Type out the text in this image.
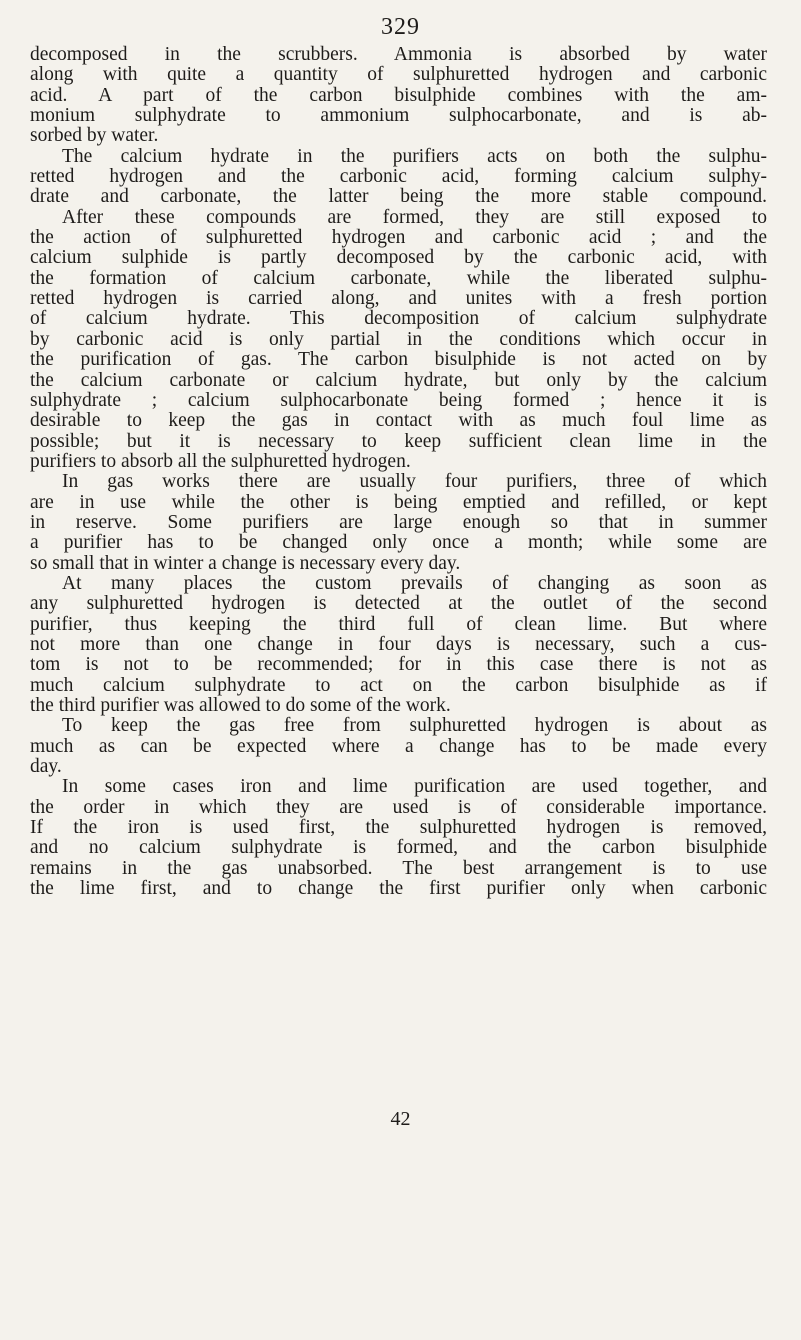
329
decomposed in the scrubbers. Ammonia is absorbed by water
along with quite a quantity of sulphuretted hydrogen and carbonic
acid. A part of the carbon bisulphide combines with the am-
monium sulphydrate to ammonium sulphocarbonate, and is ab-
sorbed by water.
The calcium hydrate in the purifiers acts on both the sulphu-
retted hydrogen and the carbonic acid, forming calcium sulphy-
drate and carbonate, the latter being the more stable compound.
After these compounds are formed, they are still exposed to
the action of sulphuretted hydrogen and carbonic acid ; and the
calcium sulphide is partly decomposed by the carbonic acid, with
the formation of calcium carbonate, while the liberated sulphu-
retted hydrogen is carried along, and unites with a fresh portion
of calcium hydrate. This decomposition of calcium sulphydrate
by carbonic acid is only partial in the conditions which occur in
the purification of gas. The carbon bisulphide is not acted on by
the calcium carbonate or calcium hydrate, but only by the calcium
sulphydrate ; calcium sulphocarbonate being formed ; hence it is
desirable to keep the gas in contact with as much foul lime as
possible; but it is necessary to keep sufficient clean lime in the
purifiers to absorb all the sulphuretted hydrogen.
In gas works there are usually four purifiers, three of which
are in use while the other is being emptied and refilled, or kept
in reserve. Some purifiers are large enough so that in summer
a purifier has to be changed only once a month; while some are
so small that in winter a change is necessary every day.
At many places the custom prevails of changing as soon as
any sulphuretted hydrogen is detected at the outlet of the second
purifier, thus keeping the third full of clean lime. But where
not more than one change in four days is necessary, such a cus-
tom is not to be recommended; for in this case there is not as
much calcium sulphydrate to act on the carbon bisulphide as if
the third purifier was allowed to do some of the work.
To keep the gas free from sulphuretted hydrogen is about as
much as can be expected where a change has to be made every
day.
In some cases iron and lime purification are used together, and
the order in which they are used is of considerable importance.
If the iron is used first, the sulphuretted hydrogen is removed,
and no calcium sulphydrate is formed, and the carbon bisulphide
remains in the gas unabsorbed. The best arrangement is to use
the lime first, and to change the first purifier only when carbonic
42
